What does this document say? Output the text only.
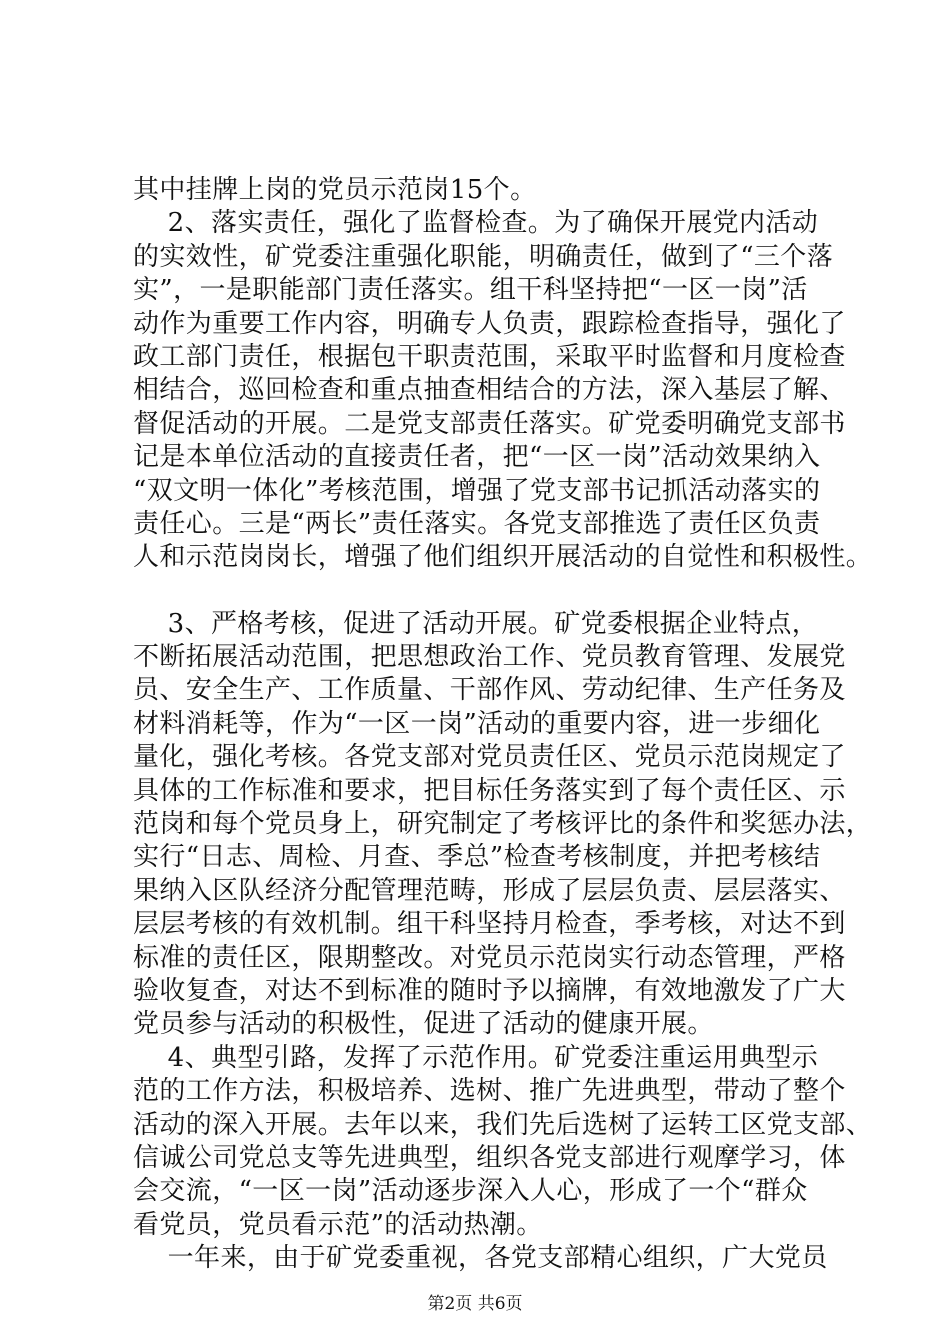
其中挂牌上岗的党员示范岗15个。
2、落实责任，强化了监督检查。为了确保开展党内活动
的实效性，矿党委注重强化职能，明确责任，做到了“三个落
实”，一是职能部门责任落实。组干科坚持把“一区一岗”活
动作为重要工作内容，明确专人负责，跟踪检查指导，强化了
政工部门责任，根据包干职责范围，采取平时监督和月度检查
相结合，巡回检查和重点抽查相结合的方法，深入基层了解、
督促活动的开展。二是党支部责任落实。矿党委明确党支部书
记是本单位活动的直接责任者，把“一区一岗”活动效果纳入
“双文明一体化”考核范围，增强了党支部书记抓活动落实的
责任心。三是“两长”责任落实。各党支部推选了责任区负责
人和示范岗岗长，增强了他们组织开展活动的自觉性和积极性。
3、严格考核，促进了活动开展。矿党委根据企业特点，
不断拓展活动范围，把思想政治工作、党员教育管理、发展党
员、安全生产、工作质量、干部作风、劳动纪律、生产任务及
材料消耗等，作为“一区一岗”活动的重要内容，进一步细化
量化，强化考核。各党支部对党员责任区、党员示范岗规定了
具体的工作标准和要求，把目标任务落实到了每个责任区、示
范岗和每个党员身上，研究制定了考核评比的条件和奖惩办法，
实行“日志、周检、月查、季总”检查考核制度，并把考核结
果纳入区队经济分配管理范畴，形成了层层负责、层层落实、
层层考核的有效机制。组干科坚持月检查，季考核，对达不到
标准的责任区，限期整改。对党员示范岗实行动态管理，严格
验收复查，对达不到标准的随时予以摘牌，有效地激发了广大
党员参与活动的积极性，促进了活动的健康开展。
4、典型引路，发挥了示范作用。矿党委注重运用典型示
范的工作方法，积极培养、选树、推广先进典型，带动了整个
活动的深入开展。去年以来，我们先后选树了运转工区党支部、
信诚公司党总支等先进典型，组织各党支部进行观摩学习，体
会交流，“一区一岗”活动逐步深入人心，形成了一个“群众
看党员，党员看示范”的活动热潮。
一年来，由于矿党委重视，各党支部精心组织，广大党员
第2页 共6页
